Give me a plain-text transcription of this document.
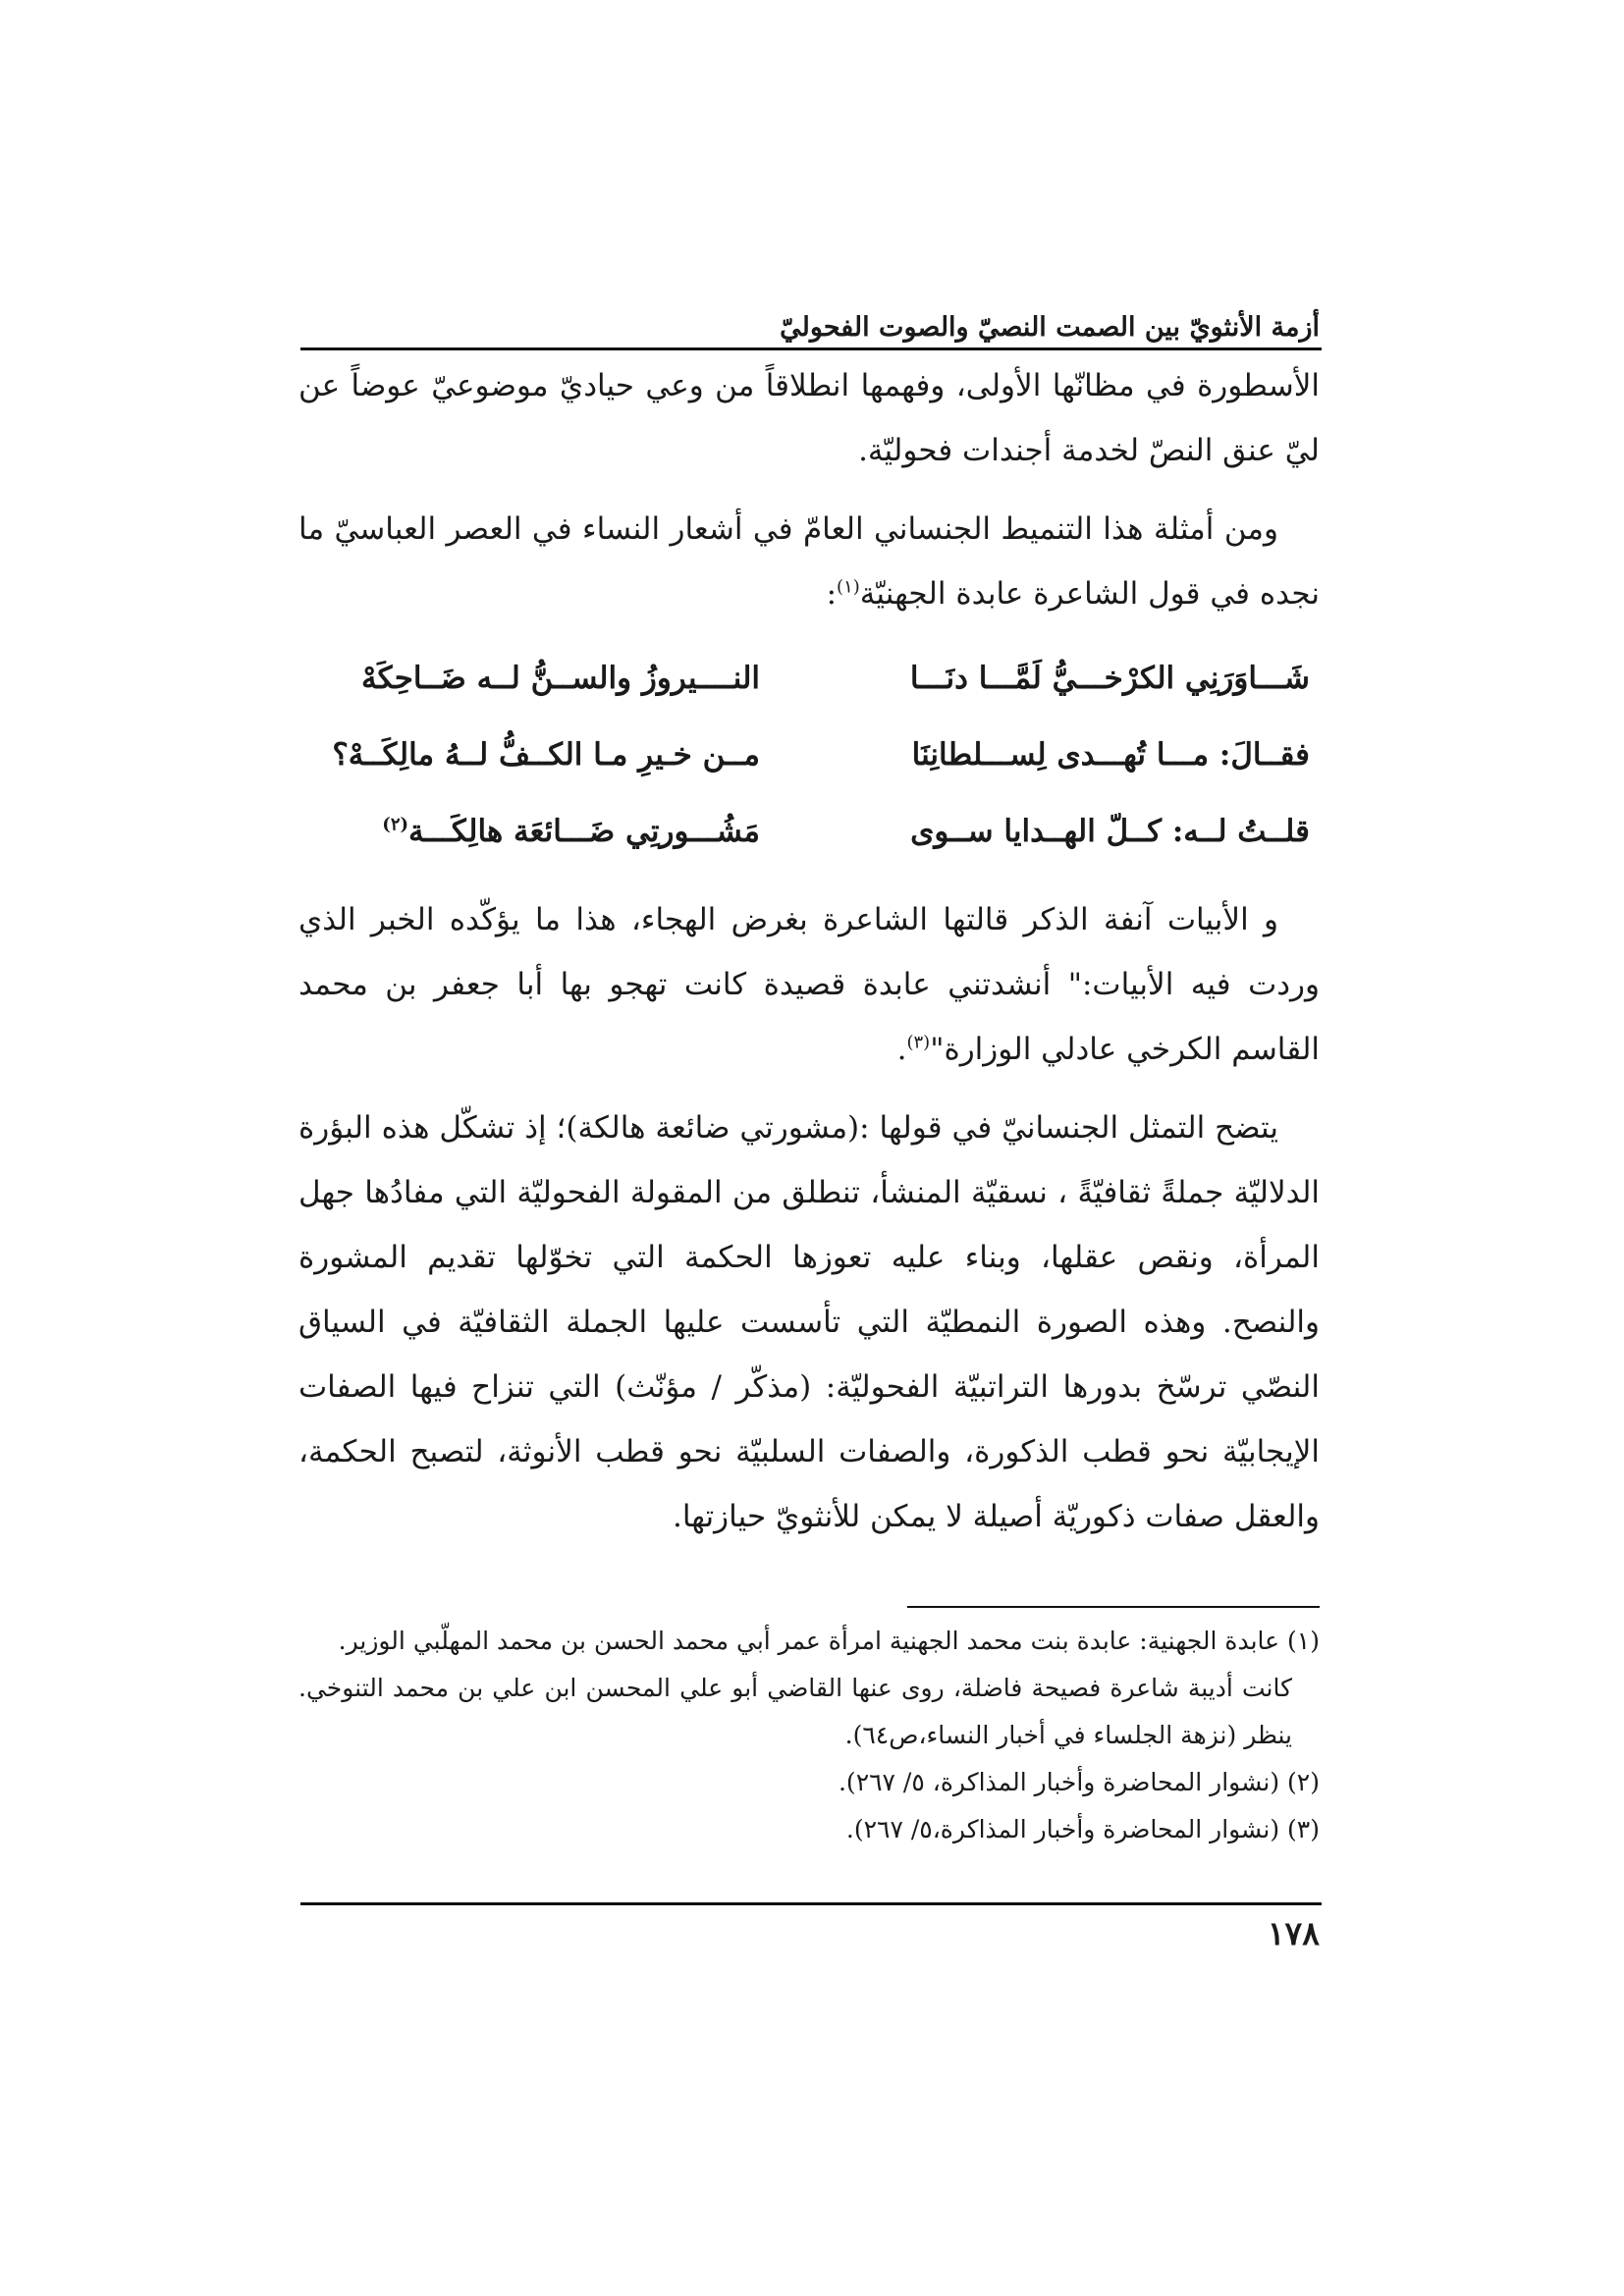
أزمة الأنثويّ بين الصمت النصيّ والصوت الفحوليّ

الأسطورة في مظانّها الأولى، وفهمها انطلاقاً من وعي حياديّ موضوعيّ عوضاً عن ليّ عنق النصّ لخدمة أجندات فحوليّة.

ومن أمثلة هذا التنميط الجنساني العامّ في أشعار النساء في العصر العباسيّ ما نجده في قول الشاعرة عابدة الجهنيّة$^{(١)}$:

شَـــاوَرَنِي الكرْخـــيُّ لَمَّـــا دنَـــا
النــــيروزُ والســنُّ لــه ضَــاحِكَهْ
فقــالَ: مـــا تُهـــدى لِســـلطانِنَا
مــن خـيرِ مـا الكــفُّ لــهُ مالِكَــهْ؟
قلــتُ لــه: كــلّ الهــدايا ســوى
مَشُـــورتِي ضَـــائعَة هالِكَـــة$^{(٢)}$

و الأبيات آنفة الذكر قالتها الشاعرة بغرض الهجاء، هذا ما يؤكّده الخبر الذي وردت فيه الأبيات:" أنشدتني عابدة قصيدة كانت تهجو بها أبا جعفر بن محمد القاسم الكرخي عادلي الوزارة"$^{(٣)}$.

يتضح التمثل الجنسانيّ في قولها :(مشورتي ضائعة هالكة)؛ إذ تشكّل هذه البؤرة الدلاليّة جملةً ثقافيّةً ، نسقيّة المنشأ، تنطلق من المقولة الفحوليّة التي مفادُها جهل المرأة، ونقص عقلها، وبناء عليه تعوزها الحكمة التي تخوّلها تقديم المشورة والنصح. وهذه الصورة النمطيّة التي تأسست عليها الجملة الثقافيّة في السياق النصّي ترسّخ بدورها التراتبيّة الفحوليّة: (مذكّر / مؤنّث) التي تنزاح فيها الصفات الإيجابيّة نحو قطب الذكورة، والصفات السلبيّة نحو قطب الأنوثة، لتصبح الحكمة، والعقل صفات ذكوريّة أصيلة لا يمكن للأنثويّ حيازتها.

(١) عابدة الجهنية: عابدة بنت محمد الجهنية امرأة عمر أبي محمد الحسن بن محمد المهلّبي الوزير.
كانت أديبة شاعرة فصيحة فاضلة، روى عنها القاضي أبو علي المحسن ابن علي بن محمد التنوخي. ينظر (نزهة الجلساء في أخبار النساء،ص٦٤).

(٢) (نشوار المحاضرة وأخبار المذاكرة، ٥/ ٢٦٧).

(٣) (نشوار المحاضرة وأخبار المذاكرة،٥/ ٢٦٧).

١٧٨
